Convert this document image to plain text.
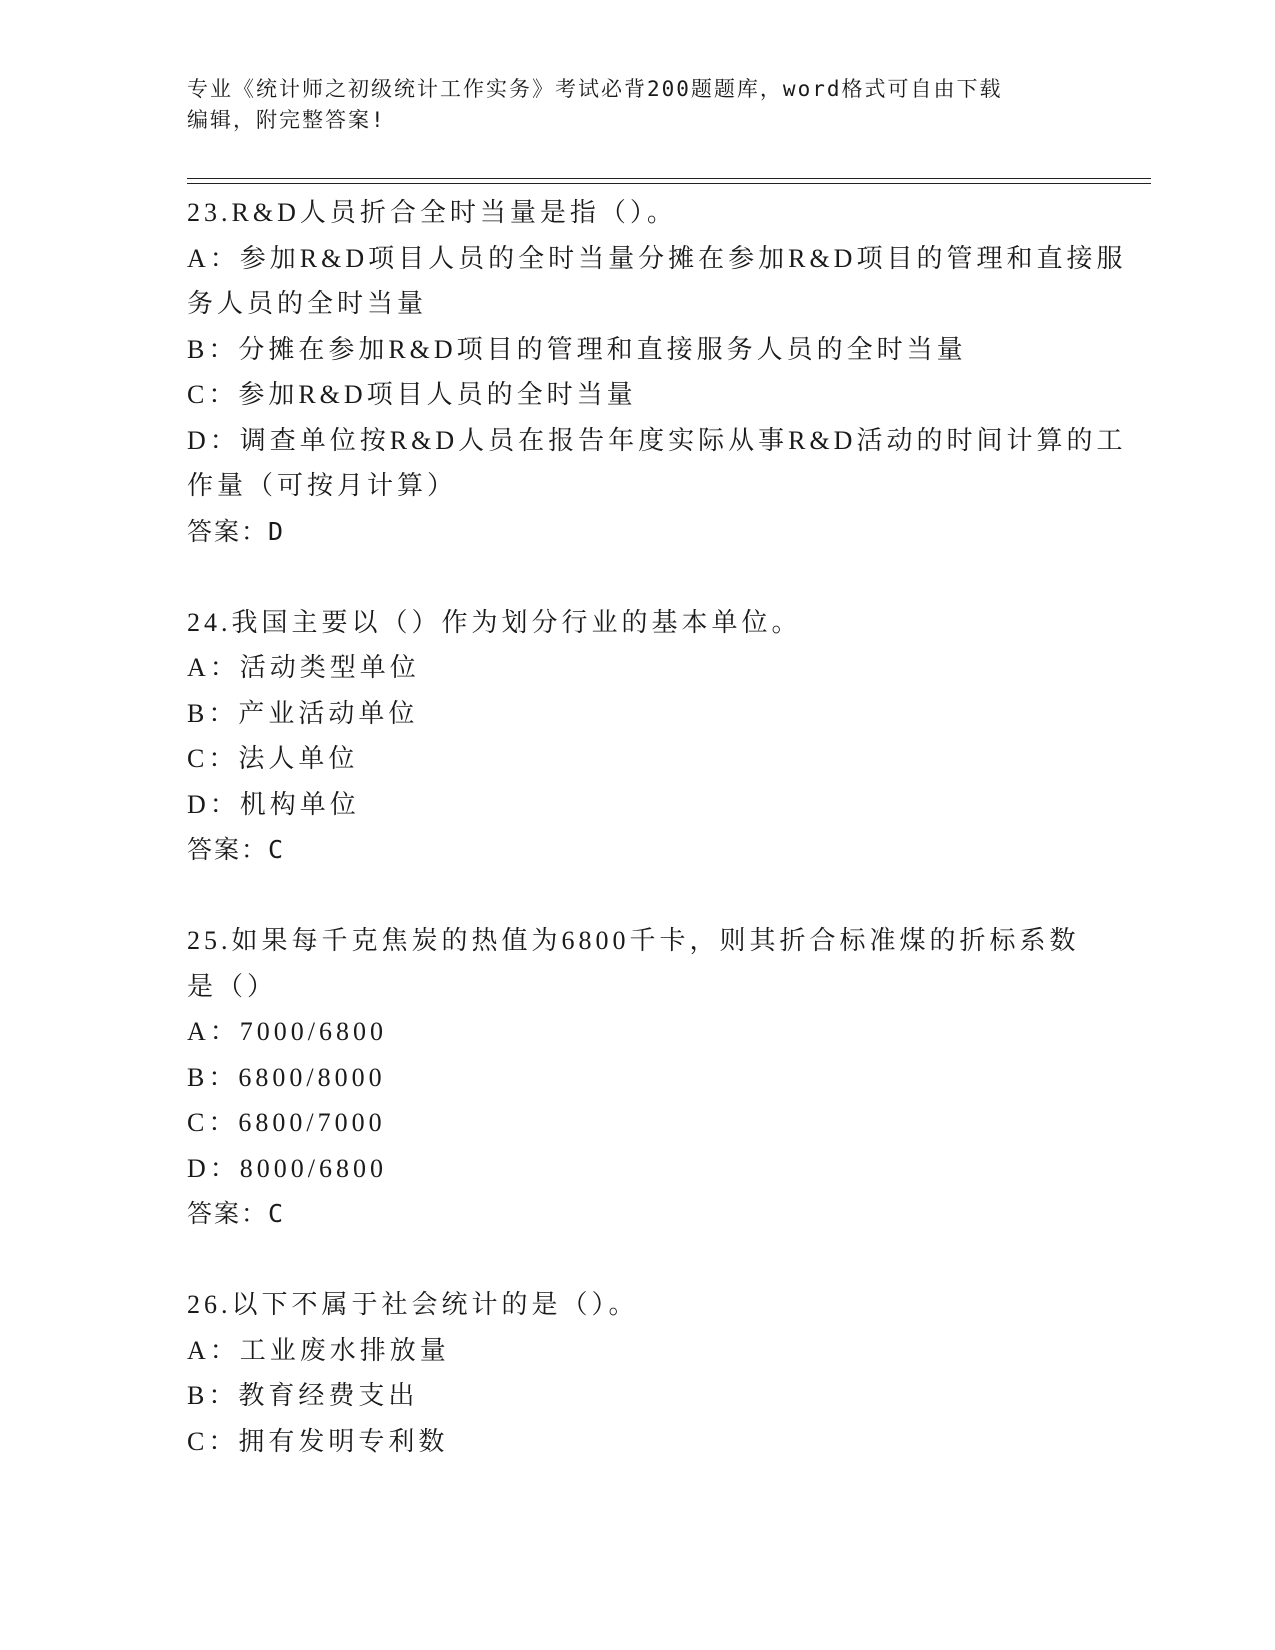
专业《统计师之初级统计工作实务》考试必背200题题库，word格式可自由下载
编辑，附完整答案!
23.R&D人员折合全时当量是指（）。
A：参加R&D项目人员的全时当量分摊在参加R&D项目的管理和直接服
务人员的全时当量
B：分摊在参加R&D项目的管理和直接服务人员的全时当量
C：参加R&D项目人员的全时当量
D：调查单位按R&D人员在报告年度实际从事R&D活动的时间计算的工
作量（可按月计算）
答案：D
24.我国主要以（）作为划分行业的基本单位。
A：活动类型单位
B：产业活动单位
C：法人单位
D：机构单位
答案：C
25.如果每千克焦炭的热值为6800千卡，则其折合标准煤的折标系数
是（）
A：7000/6800
B：6800/8000
C：6800/7000
D：8000/6800
答案：C
26.以下不属于社会统计的是（）。
A：工业废水排放量
B：教育经费支出
C：拥有发明专利数
